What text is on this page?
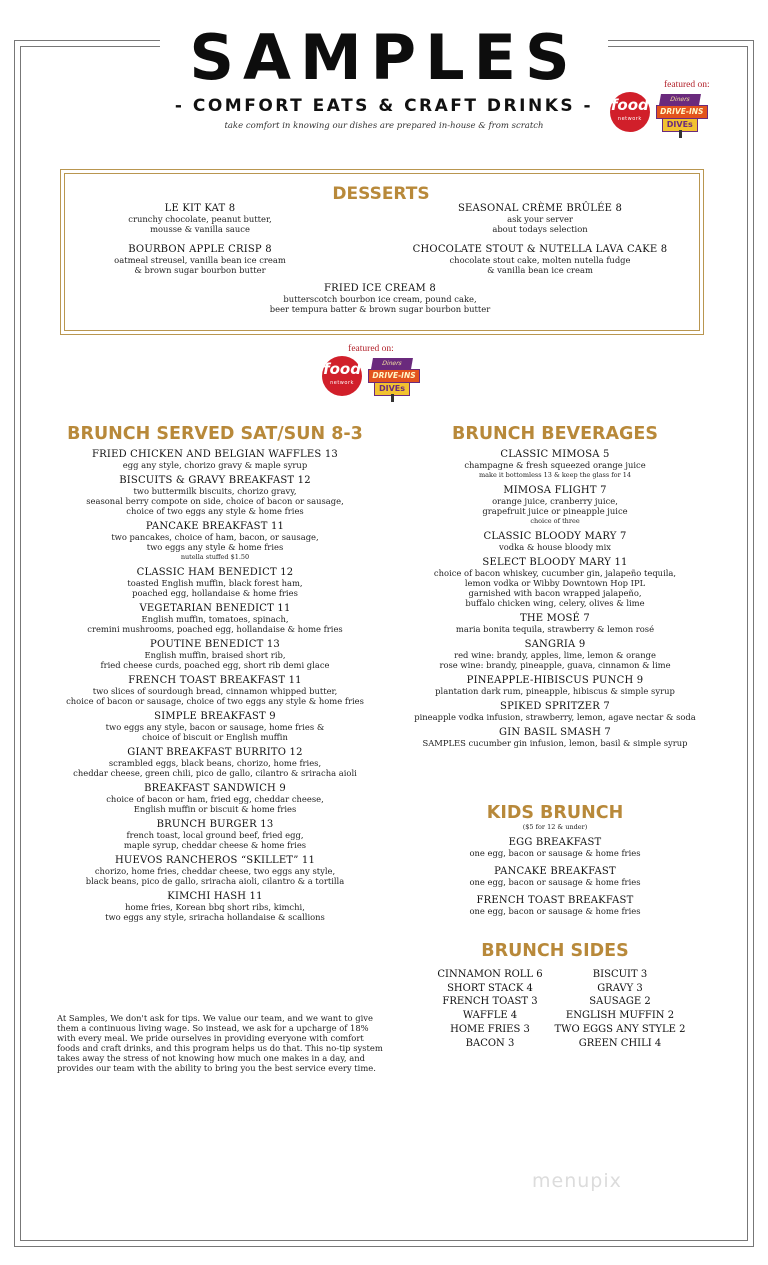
SAMPLES
- COMFORT EATS & CRAFT DRINKS -
take comfort in knowing our dishes are prepared in-house & from scratch
featured on:
food
network
Diners
DRIVE-INS
DIVEs
DESSERTS
LE KIT KAT 8
crunchy chocolate, peanut butter,
mousse & vanilla sauce
SEASONAL CRÈME BRÛLÉE 8
ask your server
about todays selection
BOURBON APPLE CRISP 8
oatmeal streusel, vanilla bean ice cream
& brown sugar bourbon butter
CHOCOLATE STOUT & NUTELLA LAVA CAKE 8
chocolate stout cake, molten nutella fudge
& vanilla bean ice cream
FRIED ICE CREAM 8
butterscotch bourbon ice cream, pound cake,
beer tempura batter & brown sugar bourbon butter
featured on:
food
network
Diners
DRIVE-INS
DIVEs
BRUNCH SERVED SAT/SUN 8-3
FRIED CHICKEN AND BELGIAN WAFFLES 13
egg any style, chorizo gravy & maple syrup
BISCUITS & GRAVY BREAKFAST 12
two buttermilk biscuits, chorizo gravy,
seasonal berry compote on side, choice of bacon or sausage,
choice of two eggs any style & home fries
PANCAKE BREAKFAST 11
two pancakes, choice of ham, bacon, or sausage,
two eggs any style & home fries
nutella stuffed $1.50
CLASSIC HAM BENEDICT 12
toasted English muffin, black forest ham,
poached egg, hollandaise & home fries
VEGETARIAN BENEDICT 11
English muffin, tomatoes, spinach,
cremini mushrooms, poached egg, hollandaise & home fries
POUTINE BENEDICT 13
English muffin, braised short rib,
fried cheese curds, poached egg, short rib demi glace
FRENCH TOAST BREAKFAST 11
two slices of sourdough bread, cinnamon whipped butter,
choice of bacon or sausage, choice of two eggs any style & home fries
SIMPLE BREAKFAST 9
two eggs any style, bacon or sausage, home fries &
choice of biscuit or English muffin
GIANT BREAKFAST BURRITO 12
scrambled eggs, black beans, chorizo, home fries,
cheddar cheese, green chili, pico de gallo, cilantro & sriracha aioli
BREAKFAST SANDWICH 9
choice of bacon or ham, fried egg, cheddar cheese,
English muffin or biscuit & home fries
BRUNCH BURGER 13
french toast, local ground beef, fried egg,
maple syrup, cheddar cheese & home fries
HUEVOS RANCHEROS “SKILLET” 11
chorizo, home fries, cheddar cheese, two eggs any style,
black beans, pico de gallo, sriracha aioli, cilantro & a tortilla
KIMCHI HASH 11
home fries, Korean bbq short ribs, kimchi,
two eggs any style, sriracha hollandaise & scallions
BRUNCH BEVERAGES
CLASSIC MIMOSA 5
champagne & fresh squeezed orange juice
make it bottomless 13 & keep the glass for 14
MIMOSA FLIGHT 7
orange juice, cranberry juice,
grapefruit juice or pineapple juice
choice of three
CLASSIC BLOODY MARY 7
vodka & house bloody mix
SELECT BLOODY MARY 11
choice of bacon whiskey, cucumber gin, jalapeño tequila,
lemon vodka or Wibby Downtown Hop IPL
garnished with bacon wrapped jalapeño,
buffalo chicken wing, celery, olives & lime
THE MOSÉ 7
maria bonita tequila, strawberry & lemon rosé
SANGRIA 9
red wine: brandy, apples, lime, lemon & orange
rose wine: brandy, pineapple, guava, cinnamon & lime
PINEAPPLE-HIBISCUS PUNCH 9
plantation dark rum, pineapple, hibiscus & simple syrup
SPIKED SPRITZER 7
pineapple vodka infusion, strawberry, lemon, agave nectar & soda
GIN BASIL SMASH 7
SAMPLES cucumber gin infusion, lemon, basil & simple syrup
KIDS BRUNCH
($5 for 12 & under)
EGG BREAKFAST
one egg, bacon or sausage & home fries
PANCAKE BREAKFAST
one egg, bacon or sausage & home fries
FRENCH TOAST BREAKFAST
one egg, bacon or sausage & home fries
BRUNCH SIDES
CINNAMON ROLL 6
SHORT STACK 4
FRENCH TOAST 3
WAFFLE 4
HOME FRIES 3
BACON 3
BISCUIT 3
GRAVY 3
SAUSAGE 2
ENGLISH MUFFIN 2
TWO EGGS ANY STYLE 2
GREEN CHILI 4
At Samples, We don't ask for tips. We value our team, and we want to give them a continuous living wage. So instead, we ask for a upcharge of 18% with every meal. We pride ourselves in providing everyone with comfort foods and craft drinks, and this program helps us do that. This no-tip system takes away the stress of not knowing how much one makes in a day, and provides our team with the ability to bring you the best service every time.
menupix
